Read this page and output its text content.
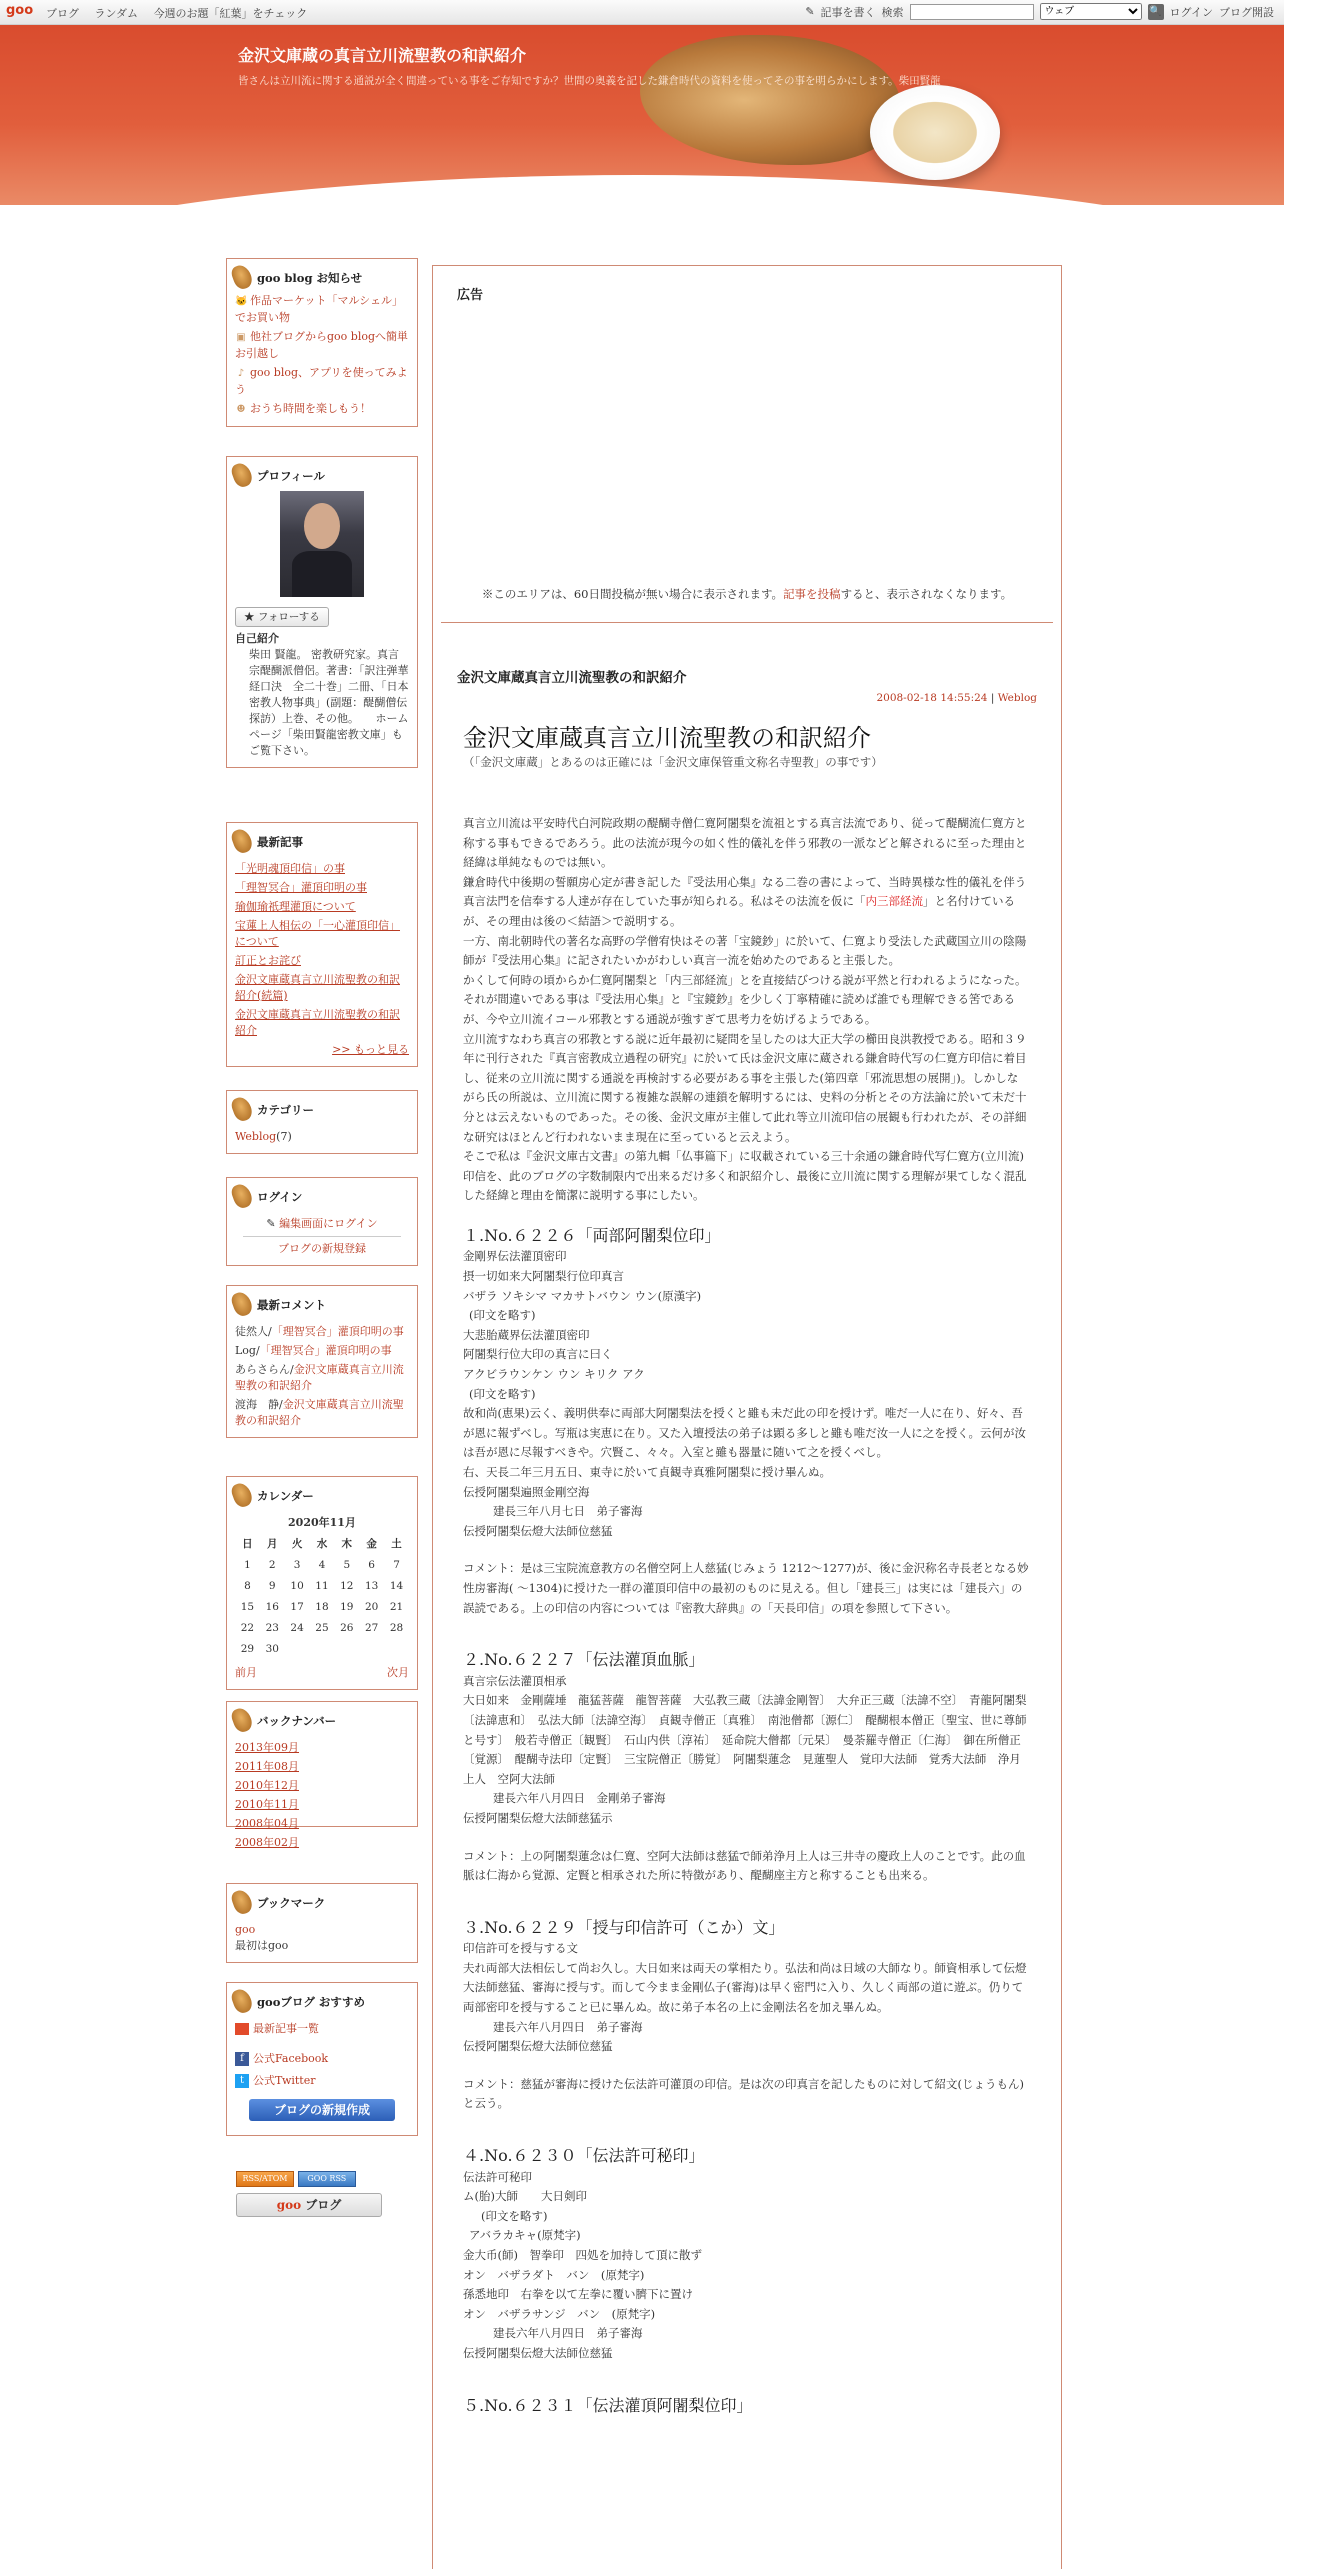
goo ブログ ランダム 今週のお題「紅葉」をチェック	✎ 記事を書く 検索
ウェブ	🔍 ログイン ブログ開設
金沢文庫蔵の真言立川流聖教の和訳紹介
皆さんは立川流に関する通説が全く間違っている事をご存知ですか？世間の奥義を記した鎌倉時代の資料を使ってその事を明らかにします。柴田賢龍
goo blog お知らせ
🐱 作品マーケット「マルシェル」でお買い物
▣ 他社ブログからgoo blogへ簡単お引越し
♪ goo blog、アプリを使ってみよう
☻ おうち時間を楽しもう！
プロフィール
★ フォローする
自己紹介
柴田 賢龍。 密教研究家。真言宗醍醐派僧侶。著書：「訳注弹華経口決　全二十巻」二冊、「日本密教人物事典」(副題：醍醐僧伝探訪）上巻、その他。　　ホームページ「柴田賢龍密教文庫」もご覧下さい。
最新記事
「光明魂頂印信」の事
「理智冥合」灌頂印明の事
瑜伽瑜祇理灌頂について
宝蓮上人相伝の「一心灌頂印信」について
訂正とお詫び
金沢文庫蔵真言立川流聖教の和訳紹介(続篇)
金沢文庫蔵真言立川流聖教の和訳紹介
>> もっと見る
カテゴリー
Weblog(7)
ログイン
✎ 編集画面にログイン
ブログの新規登録
最新コメント
徒然人/「理智冥合」灌頂印明の事
Log/「理智冥合」灌頂印明の事
あらさらん/金沢文庫蔵真言立川流聖教の和訳紹介
渡海　静/金沢文庫蔵真言立川流聖教の和訳紹介
カレンダー
2020年11月
日	月	火	水	木	金	土
1	2	3	4	5	6	7
8	9	10	11	12	13	14
15	16	17	18	19	20	21
22	23	24	25	26	27	28
29	30					
前月	次月
バックナンバー
2013年09月
2011年08月
2010年12月
2010年11月
2008年04月
2008年02月
ブックマーク
goo
最初はgoo
gooブログ おすすめ
最新記事一覧
f 公式Facebook
t 公式Twitter
ブログの新規作成
RSS/ATOM GOO RSS
goo ブログ
広告
※このエリアは、60日間投稿が無い場合に表示されます。記事を投稿すると、表示されなくなります。
金沢文庫蔵真言立川流聖教の和訳紹介
2008-02-18 14:55:24 | Weblog
金沢文庫蔵真言立川流聖教の和訳紹介
（「金沢文庫蔵」とあるのは正確には「金沢文庫保管重文称名寺聖教」の事です）

真言立川流は平安時代白河院政期の醍醐寺僧仁寛阿闍梨を流祖とする真言法流であり、従って醍醐流仁寛方と称する事もできるであろう。此の法流が現今の如く性的儀礼を伴う邪教の一派などと解されるに至った理由と経緯は単純なものでは無い。

鎌倉時代中後期の誓願房心定が書き記した『受法用心集』なる二巻の書によって、当時異様な性的儀礼を伴う真言法門を信奉する人達が存在していた事が知られる。私はその法流を仮に「内三部経流」と名付けているが、その理由は後の＜結語＞で説明する。

一方、南北朝時代の著名な高野の学僧宥快はその著「宝鏡鈔」に於いて、仁寛より受法した武蔵国立川の陰陽師が『受法用心集』に記されたいかがわしい真言一流を始めたのであると主張した。

かくして何時の頃からか仁寛阿闍梨と「内三部経流」とを直接結びつける説が平然と行われるようになった。それが間違いである事は『受法用心集』と『宝鏡鈔』を少しく丁寧精確に読めば誰でも理解できる筈であるが、今や立川流イコール邪教とする通説が強すぎて思考力を妨げるようである。

立川流すなわち真言の邪教とする説に近年最初に疑問を呈したのは大正大学の櫛田良洪教授である。昭和３９年に刊行された『真言密教成立過程の研究』に於いて氏は金沢文庫に蔵される鎌倉時代写の仁寛方印信に着目し、従来の立川流に関する通説を再検討する必要がある事を主張した(第四章「邪流思想の展開」)。しかしながら氏の所説は、立川流に関する複雑な誤解の連鎖を解明するには、史料の分析とその方法論に於いて未だ十分とは云えないものであった。その後、金沢文庫が主催して此れ等立川流印信の展観も行われたが、その詳細な研究はほとんど行われないまま現在に至っていると云えよう。

そこで私は『金沢文庫古文書』の第九輯「仏事篇下」に収載されている三十余通の鎌倉時代写仁寛方(立川流)印信を、此のブログの字数制限内で出来るだけ多く和訳紹介し、最後に立川流に関する理解が果てしなく混乱した経緯と理由を簡潔に説明する事にしたい。

１.No.６２２６「両部阿闍梨位印」
金剛界伝法灌頂密印
摂一切如来大阿闍梨行位印真言
バザラ ソキシマ マカサトバウン ウン(原漢字)
(印文を略す)
大悲胎蔵界伝法灌頂密印
阿闍梨行位大印の真言に曰く
アクビラウンケン ウン キリク アク
(印文を略す)
故和尚(恵果)云く、義明供奉に両部大阿闍梨法を授くと雖も未だ此の印を授けず。唯だ一人に在り、好々、吾が恩に報ずべし。写瓶は実恵に在り。又た入壇授法の弟子は顕る多しと雖も唯だ汝一人に之を授く。云何が汝は吾が恩に尽報すべきや。穴賢こ、々々。入室と雖も器量に随いて之を授くべし。
右、天長二年三月五日、東寺に於いて貞観寺真雅阿闍梨に授け畢んぬ。
伝授阿闍梨遍照金剛空海
建長三年八月七日　弟子審海
伝授阿闍梨伝燈大法師位慈猛
コメント：是は三宝院流意教方の名僧空阿上人慈猛(じみょう 1212～1277)が、後に金沢称名寺長老となる妙性房審海( ～1304)に授けた一群の灌頂印信中の最初のものに見える。但し「建長三」は実には「建長六」の誤読である。上の印信の内容については『密教大辞典』の「天長印信」の項を参照して下さい。
２.No.６２２７「伝法灌頂血脈」
真言宗伝法灌頂相承
大日如来　金剛薩埵　龍猛菩薩　龍智菩薩　大弘教三蔵〔法諱金剛智〕　大弁正三蔵〔法諱不空〕　青龍阿闍梨〔法諱恵和〕　弘法大師〔法諱空海〕　貞観寺僧正〔真雅〕　南池僧都〔源仁〕　醍醐根本僧正〔聖宝、世に尊師と号す〕　般若寺僧正〔観賢〕　石山内供〔淳祐〕　延命院大僧都〔元杲〕　曼荼羅寺僧正〔仁海〕　御在所僧正〔覚源〕　醍醐寺法印〔定賢〕　三宝院僧正〔勝覚〕　阿闍梨蓮念　見蓮聖人　覚印大法師　覚秀大法師　浄月上人　空阿大法師
建長六年八月四日　金剛弟子審海
伝授阿闍梨伝燈大法師慈猛示
コメント：上の阿闍梨蓮念は仁寛、空阿大法師は慈猛で師弟浄月上人は三井寺の慶政上人のことです。此の血脈は仁海から覚源、定賢と相承された所に特徴があり、醍醐座主方と称することも出来る。
３.No.６２２９「授与印信許可（こか）文」
印信許可を授与する文
夫れ両部大法相伝して尚お久し。大日如来は両天の掌相たり。弘法和尚は日域の大師なり。師資相承して伝燈大法師慈猛、審海に授与す。而して今まま金剛仏子(審海)は早く密門に入り、久しく両部の道に遊ぶ。仍りて両部密印を授与すること已に畢んぬ。故に弟子本名の上に金剛法名を加え畢んぬ。
建長六年八月四日　弟子審海
伝授阿闍梨伝燈大法師位慈猛
コメント：慈猛が審海に授けた伝法許可灌頂の印信。是は次の印真言を記したものに対して紹文(じょうもん)と云う。
４.No.６２３０「伝法許可秘印」
伝法許可秘印
ム(胎)大師　　大日剣印
(印文を略す)
アバラカキャ(原梵字)
金大币(師)　智拳印　四処を加持して頂に散ず
オン　バザラダト　バン　(原梵字)
孫悉地印　右拳を以て左拳に覆い臍下に置け
オン　バザラサンジ　バン　(原梵字)
建長六年八月四日　弟子審海
伝授阿闍梨伝燈大法師位慈猛
５.No.６２３１「伝法灌頂阿闍梨位印」
